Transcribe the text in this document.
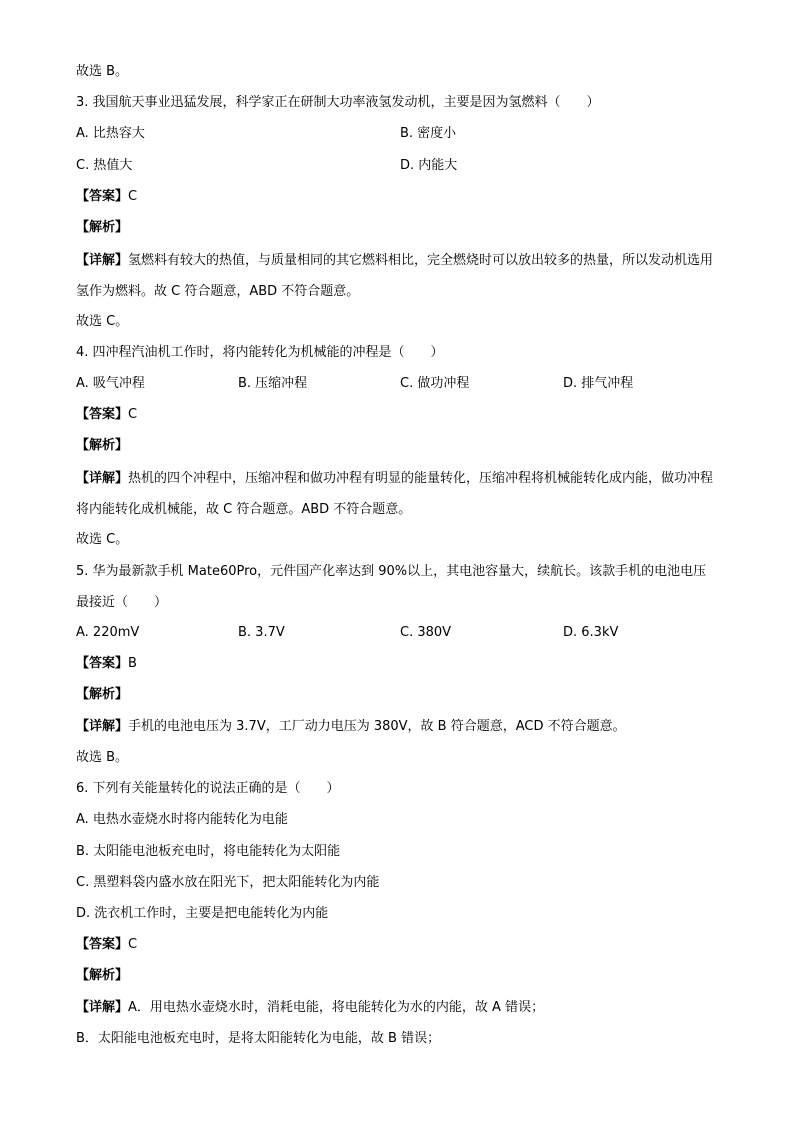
故选 B。
3. 我国航天事业迅猛发展，科学家正在研制大功率液氢发动机，主要是因为氢燃料（　　）
A. 比热容大	B. 密度小
C. 热值大	D. 内能大
【答案】C
【解析】
【详解】氢燃料有较大的热值，与质量相同的其它燃料相比，完全燃烧时可以放出较多的热量，所以发动机选用氢作为燃料。故 C 符合题意，ABD 不符合题意。
故选 C。
4. 四冲程汽油机工作时，将内能转化为机械能的冲程是（　　）
A. 吸气冲程	B. 压缩冲程	C. 做功冲程	D. 排气冲程
【答案】C
【解析】
【详解】热机的四个冲程中，压缩冲程和做功冲程有明显的能量转化，压缩冲程将机械能转化成内能，做功冲程将内能转化成机械能，故 C 符合题意。ABD 不符合题意。
故选 C。
5. 华为最新款手机 Mate60Pro，元件国产化率达到 90%以上，其电池容量大，续航长。该款手机的电池电压最接近（　　）
A. 220mV	B. 3.7V	C. 380V	D. 6.3kV
【答案】B
【解析】
【详解】手机的电池电压为 3.7V，工厂动力电压为 380V，故 B 符合题意，ACD 不符合题意。
故选 B。
6. 下列有关能量转化的说法正确的是（　　）
A. 电热水壶烧水时将内能转化为电能
B. 太阳能电池板充电时，将电能转化为太阳能
C. 黑塑料袋内盛水放在阳光下，把太阳能转化为内能
D. 洗衣机工作时，主要是把电能转化为内能
【答案】C
【解析】
【详解】A．用电热水壶烧水时，消耗电能，将电能转化为水的内能，故 A 错误；
B．太阳能电池板充电时，是将太阳能转化为电能，故 B 错误；
